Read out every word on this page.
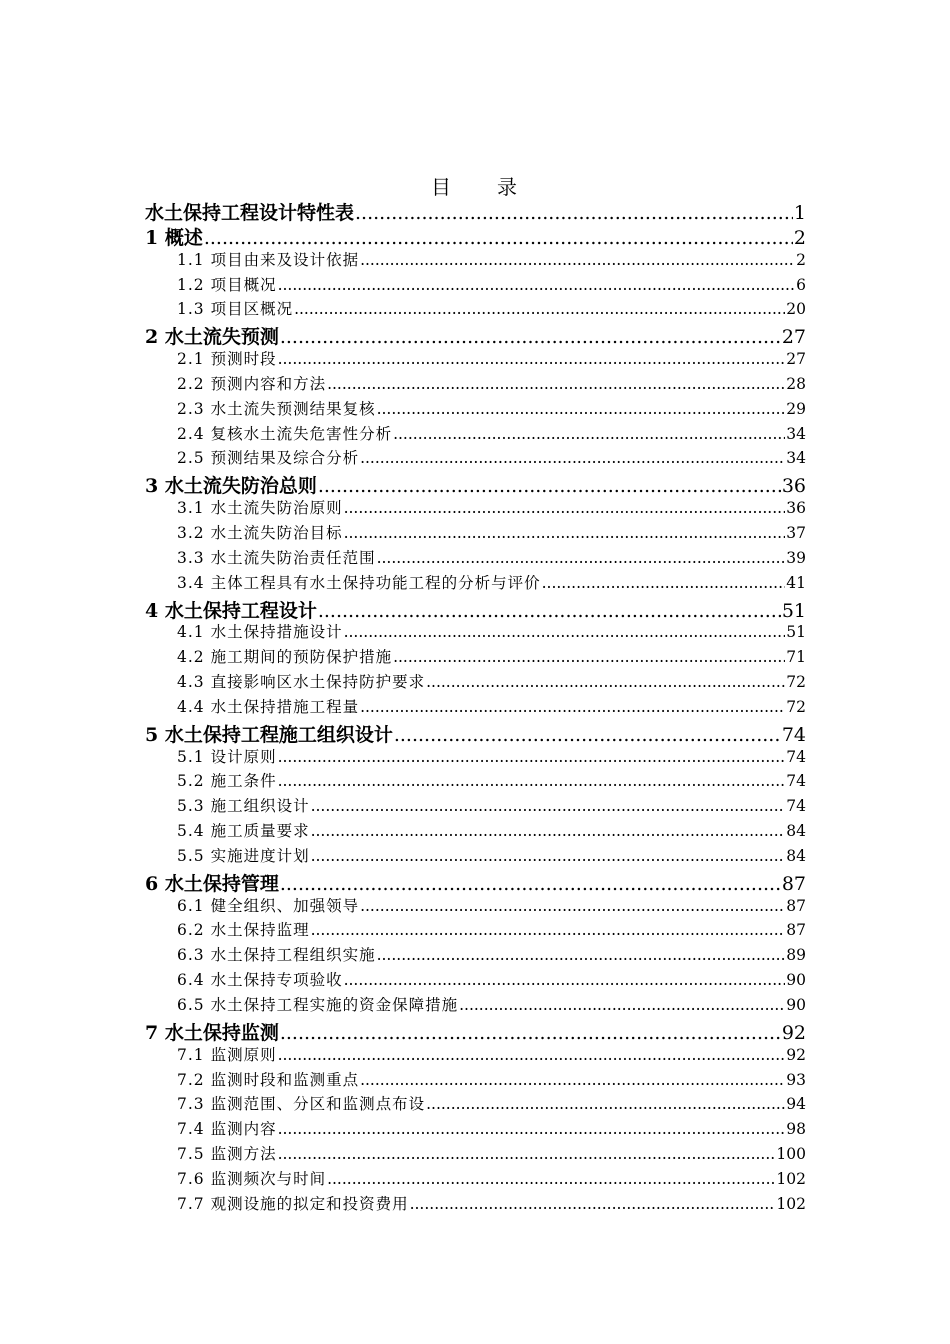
目　　录
水土保持工程设计特性表 .....	1
1 概述 .....	2
1.1 项目由来及设计依据 .....	2
1.2 项目概况 .....	6
1.3 项目区概况 .....	20
2 水土流失预测 .....	27
2.1 预测时段 .....	27
2.2 预测内容和方法 .....	28
2.3 水土流失预测结果复核 .....	29
2.4 复核水土流失危害性分析 .....	34
2.5 预测结果及综合分析 .....	34
3 水土流失防治总则 .....	36
3.1 水土流失防治原则 .....	36
3.2 水土流失防治目标 .....	37
3.3 水土流失防治责任范围 .....	39
3.4 主体工程具有水土保持功能工程的分析与评价 .....	41
4 水土保持工程设计 .....	51
4.1 水土保持措施设计 .....	51
4.2 施工期间的预防保护措施 .....	71
4.3 直接影响区水土保持防护要求 .....	72
4.4 水土保持措施工程量 .....	72
5 水土保持工程施工组织设计 .....	74
5.1 设计原则 .....	74
5.2 施工条件 .....	74
5.3 施工组织设计 .....	74
5.4 施工质量要求 .....	84
5.5 实施进度计划 .....	84
6 水土保持管理 .....	87
6.1 健全组织、加强领导 .....	87
6.2 水土保持监理 .....	87
6.3 水土保持工程组织实施 .....	89
6.4 水土保持专项验收 .....	90
6.5 水土保持工程实施的资金保障措施 .....	90
7 水土保持监测 .....	92
7.1 监测原则 .....	92
7.2 监测时段和监测重点 .....	93
7.3 监测范围、分区和监测点布设 .....	94
7.4 监测内容 .....	98
7.5 监测方法 .....	100
7.6 监测频次与时间 .....	102
7.7 观测设施的拟定和投资费用 .....	102
